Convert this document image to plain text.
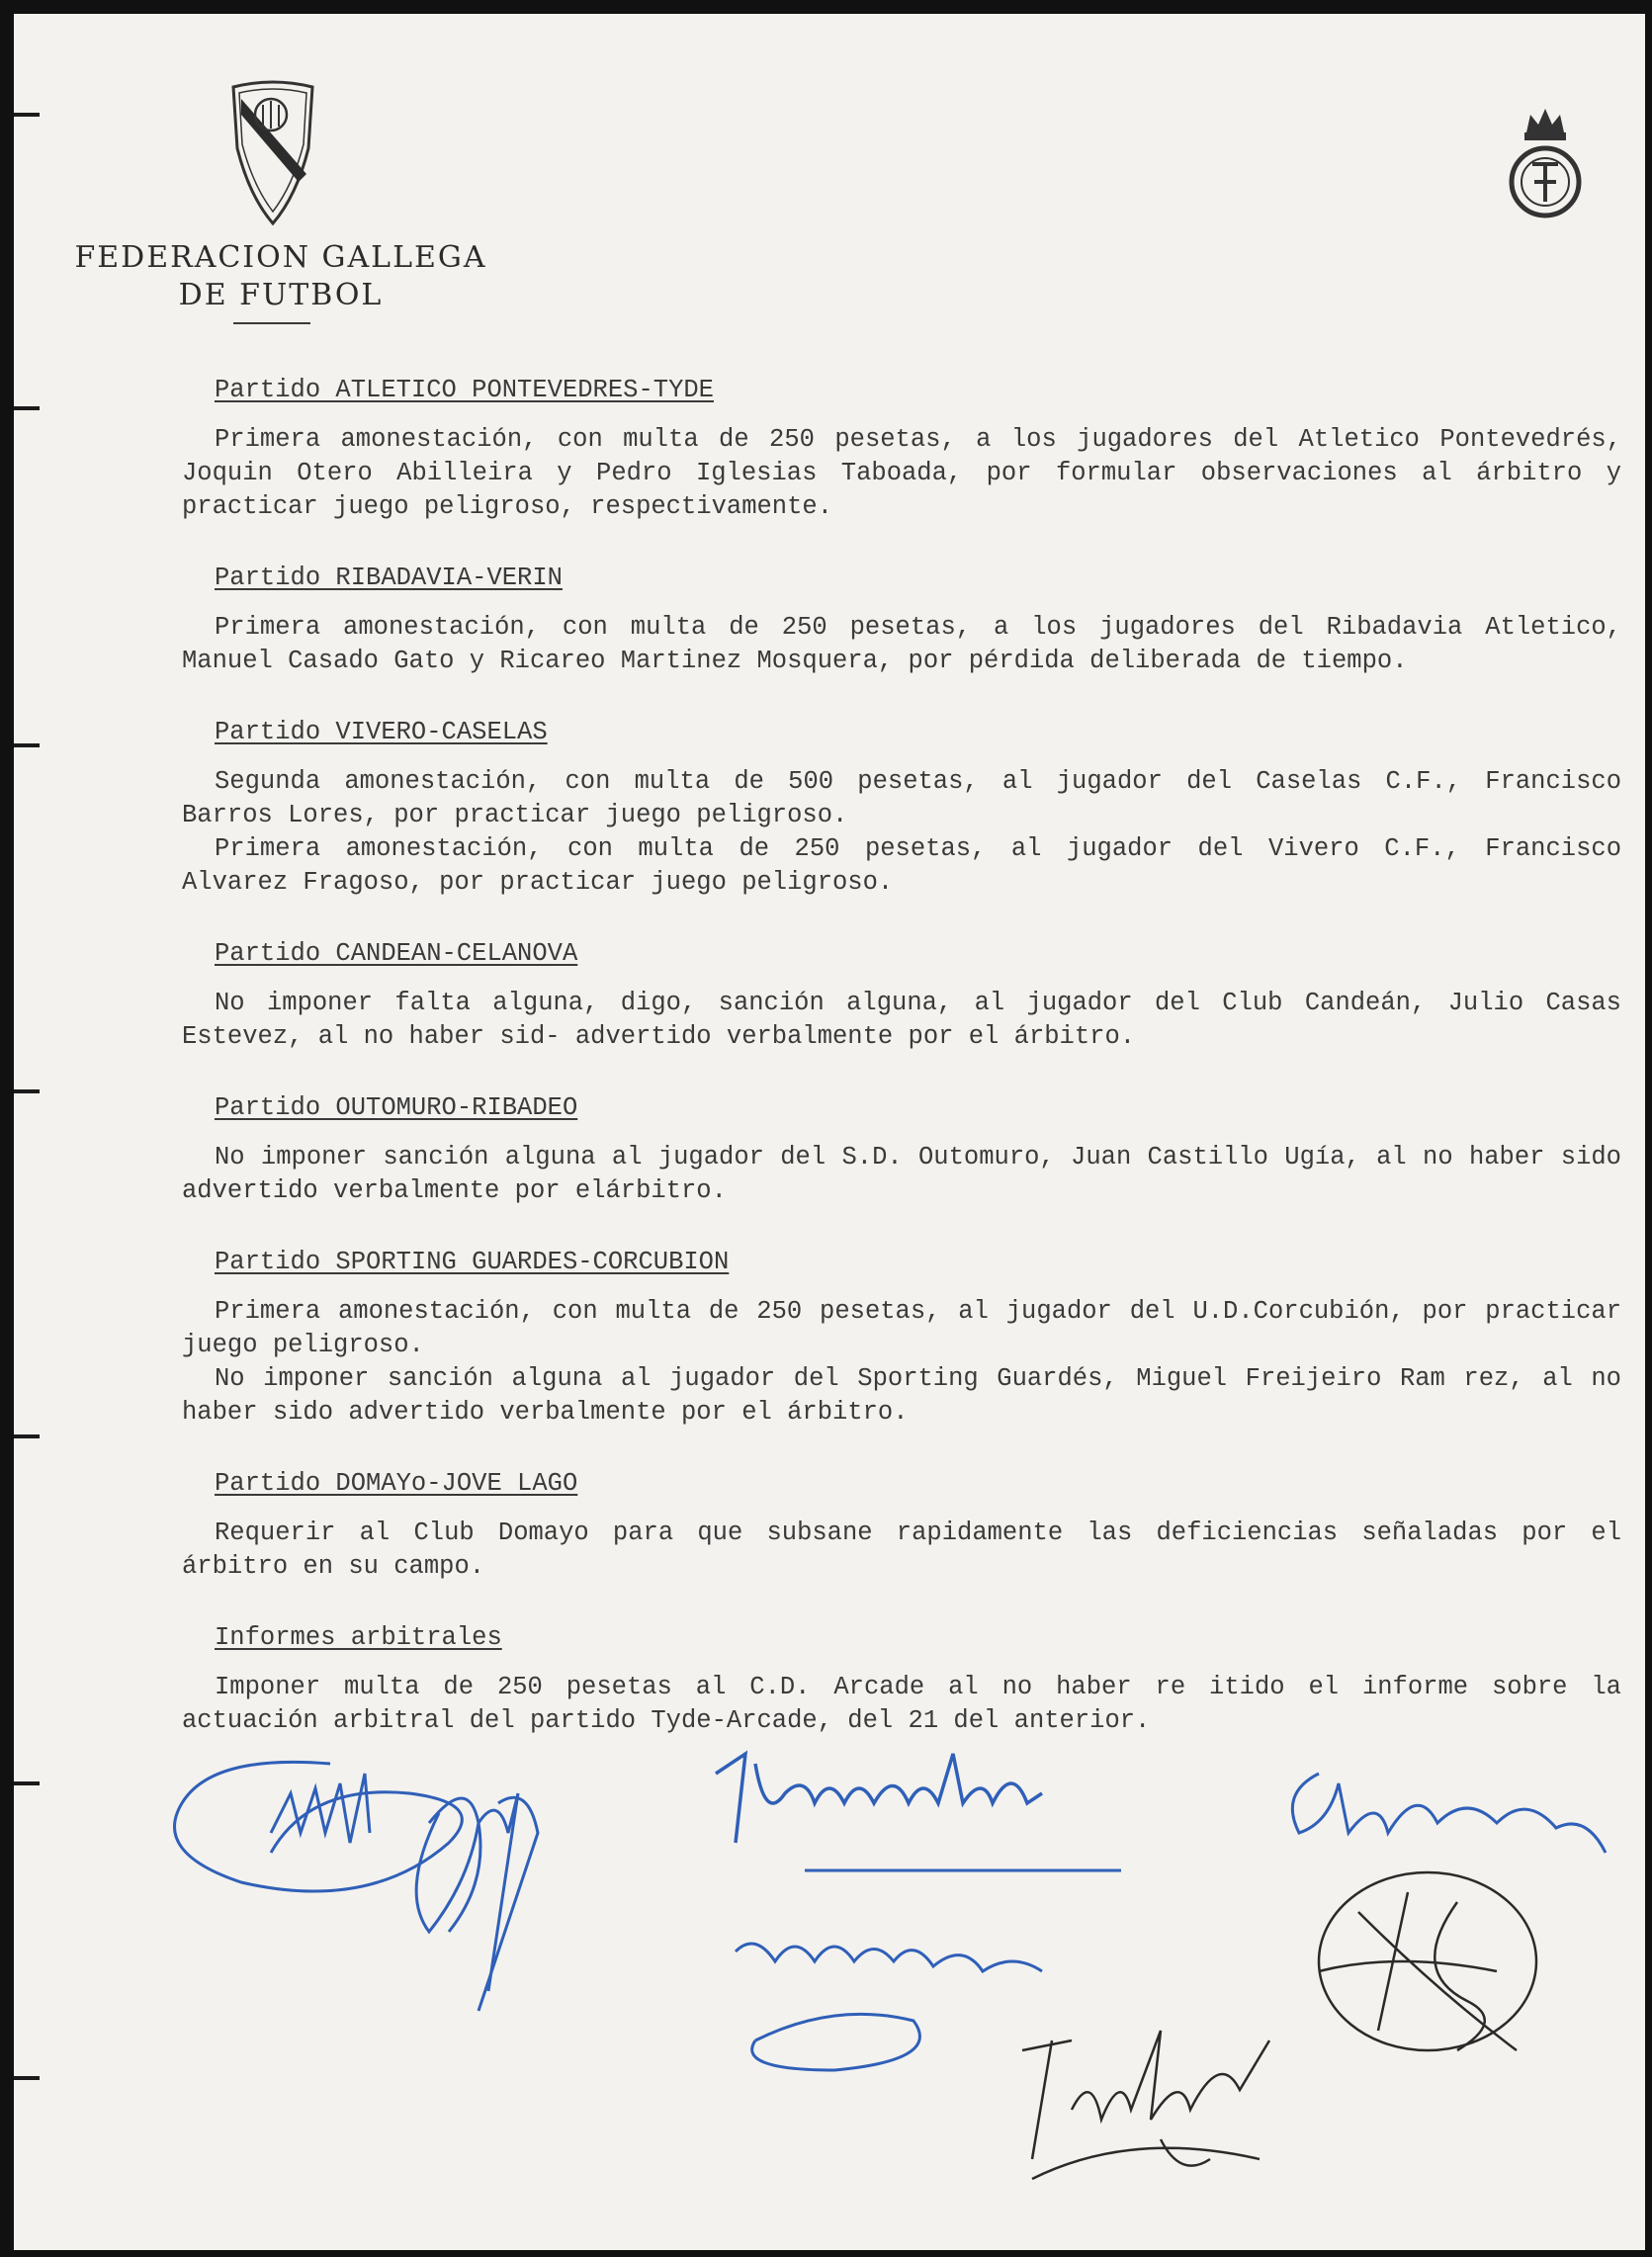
FEDERACION GALLEGA
DE FUTBOL
Partido ATLETICO PONTEVEDRES-TYDE

Primera amonestación, con multa de 250 pesetas, a los jugadores del Atletico Pontevedrés, Joquin Otero Abilleira y Pedro Iglesias Taboada, por formular observaciones al árbitro y practicar juego peligroso, respectivamente.

Partido RIBADAVIA-VERIN

Primera amonestación, con multa de 250 pesetas, a los jugadores del Ribadavia Atletico, Manuel Casado Gato y Ricareo Martinez Mosquera, por pérdida deliberada de tiempo.

Partido VIVERO-CASELAS

Segunda amonestación, con multa de 500 pesetas, al jugador del Caselas C.F., Francisco Barros Lores, por practicar juego peligroso.

Primera amonestación, con multa de 250 pesetas, al jugador del Vivero C.F., Francisco Alvarez Fragoso, por practicar juego peligroso.

Partido CANDEAN-CELANOVA

No imponer falta alguna, digo, sanción alguna, al jugador del Club Candeán, Julio Casas Estevez, al no haber sid- advertido verbalmente por el árbitro.

Partido OUTOMURO-RIBADEO

No imponer sanción alguna al jugador del S.D. Outomuro, Juan Castillo Ugía, al no haber sido advertido verbalmente por elárbitro.

Partido SPORTING GUARDES-CORCUBION

Primera amonestación, con multa de 250 pesetas, al jugador del U.D.Corcubión, por practicar juego peligroso.

No imponer sanción alguna al jugador del Sporting Guardés, Miguel Freijeiro Ram rez, al no haber sido advertido verbalmente por el árbitro.

Partido DOMAYo-JOVE LAGO

Requerir al Club Domayo para que subsane rapidamente las deficiencias señaladas por el árbitro en su campo.

Informes arbitrales

Imponer multa de 250 pesetas al C.D. Arcade al no haber re itido el informe sobre la actuación arbitral del partido Tyde-Arcade, del 21 del anterior.
